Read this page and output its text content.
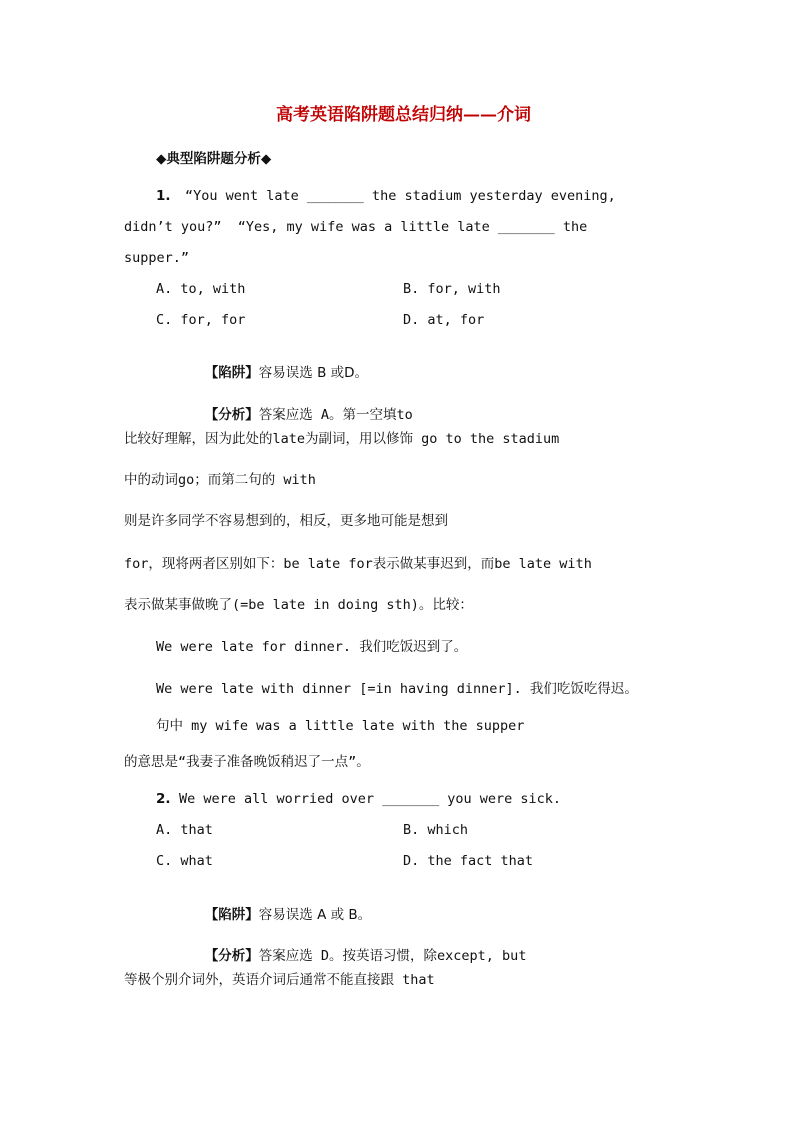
高考英语陷阱题总结归纳——介词
◆典型陷阱题分析◆
1. “You went late _______ the stadium yesterday evening,
didn’t you?”  “Yes, my wife was a little late _______ the
supper.”
A. to, with	B. for, with
C. for, for	D. at, for

【陷阱】容易误选 B 或D。

【分析】答案应选 A。第一空填to

比较好理解，因为此处的late为副词，用以修饰 go to the stadium
中的动词go；而第二句的 with
则是许多同学不容易想到的，相反，更多地可能是想到
for，现将两者区别如下：be late for表示做某事迟到，而be late with
表示做某事做晚了(=be late in doing sth)。比较：
We were late for dinner. 我们吃饭迟到了。
We were late with dinner [=in having dinner]. 我们吃饭吃得迟。
句中 my wife was a little late with the supper
的意思是“我妻子准备晚饭稍迟了一点”。
2. We were all worried over _______ you were sick.
A. that	B. which
C. what	D. the fact that

【陷阱】容易误选 A 或 B。

【分析】答案应选 D。按英语习惯，除except, but

等极个别介词外，英语介词后通常不能直接跟 that
